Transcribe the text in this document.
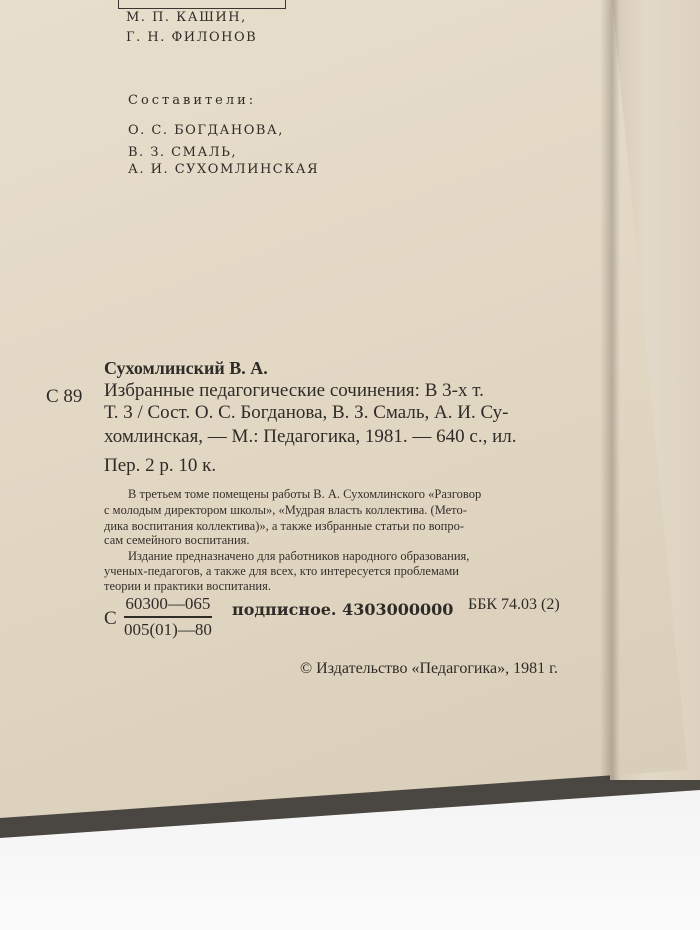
М. П. КАШИН,
Г. Н. ФИЛОНОВ
Составители:
О. С. БОГДАНОВА,
В. З. СМАЛЬ,
А. И. СУХОМЛИНСКАЯ
Сухомлинский В. А.
С 89 Избранные педагогические сочинения: В 3-х т.
Т. 3 / Сост. О. С. Богданова, В. З. Смаль, А. И. Су-
хомлинская, — М.: Педагогика, 1981. — 640 с., ил.
Пер. 2 р. 10 к.
В третьем томе помещены работы В. А. Сухомлинского «Разговор
с молодым директором школы», «Мудрая власть коллектива. (Мето-
дика воспитания коллектива)», а также избранные статьи по вопро-
сам семейного воспитания.
Издание предназначено для работников народного образования,
ученых-педагогов, а также для всех, кто интересуется проблемами
теории и практики воспитания.
С
60300—065
005(01)—80
подписное. 4303000000 ББК 74.03 (2)
© Издательство «Педагогика», 1981 г.
